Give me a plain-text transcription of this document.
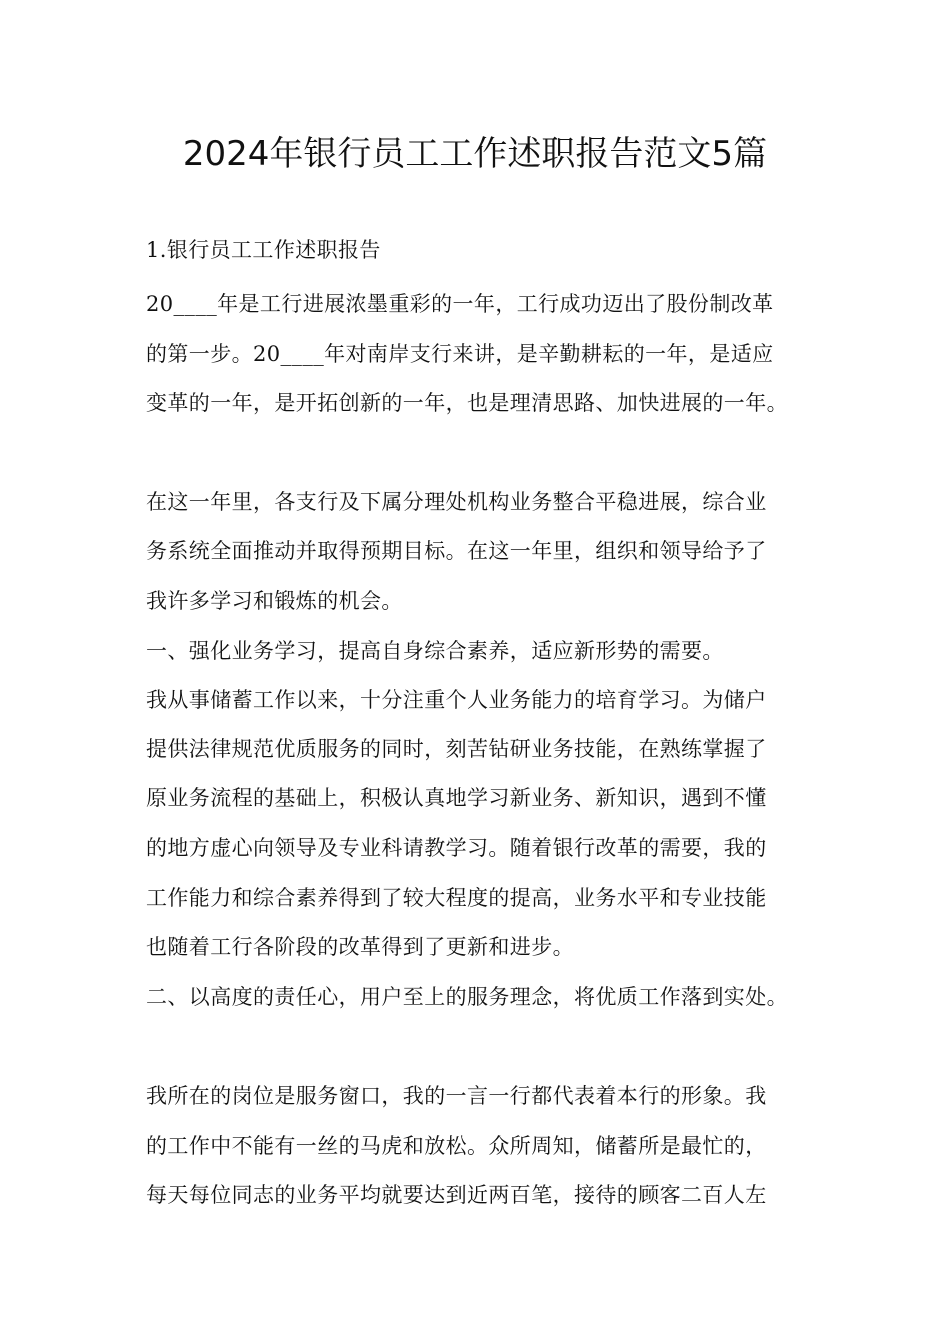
2024年银行员工工作述职报告范文5篇
1.银行员工工作述职报告
20____年是工行进展浓墨重彩的一年，工行成功迈出了股份制改革
的第一步。20____年对南岸支行来讲，是辛勤耕耘的一年，是适应
变革的一年，是开拓创新的一年，也是理清思路、加快进展的一年。
在这一年里，各支行及下属分理处机构业务整合平稳进展，综合业
务系统全面推动并取得预期目标。在这一年里，组织和领导给予了
我许多学习和锻炼的机会。
一、强化业务学习，提高自身综合素养，适应新形势的需要。
我从事储蓄工作以来，十分注重个人业务能力的培育学习。为储户
提供法律规范优质服务的同时，刻苦钻研业务技能，在熟练掌握了
原业务流程的基础上，积极认真地学习新业务、新知识，遇到不懂
的地方虚心向领导及专业科请教学习。随着银行改革的需要，我的
工作能力和综合素养得到了较大程度的提高，业务水平和专业技能
也随着工行各阶段的改革得到了更新和进步。
二、以高度的责任心，用户至上的服务理念，将优质工作落到实处。
我所在的岗位是服务窗口，我的一言一行都代表着本行的形象。我
的工作中不能有一丝的马虎和放松。众所周知，储蓄所是最忙的，
每天每位同志的业务平均就要达到近两百笔，接待的顾客二百人左
